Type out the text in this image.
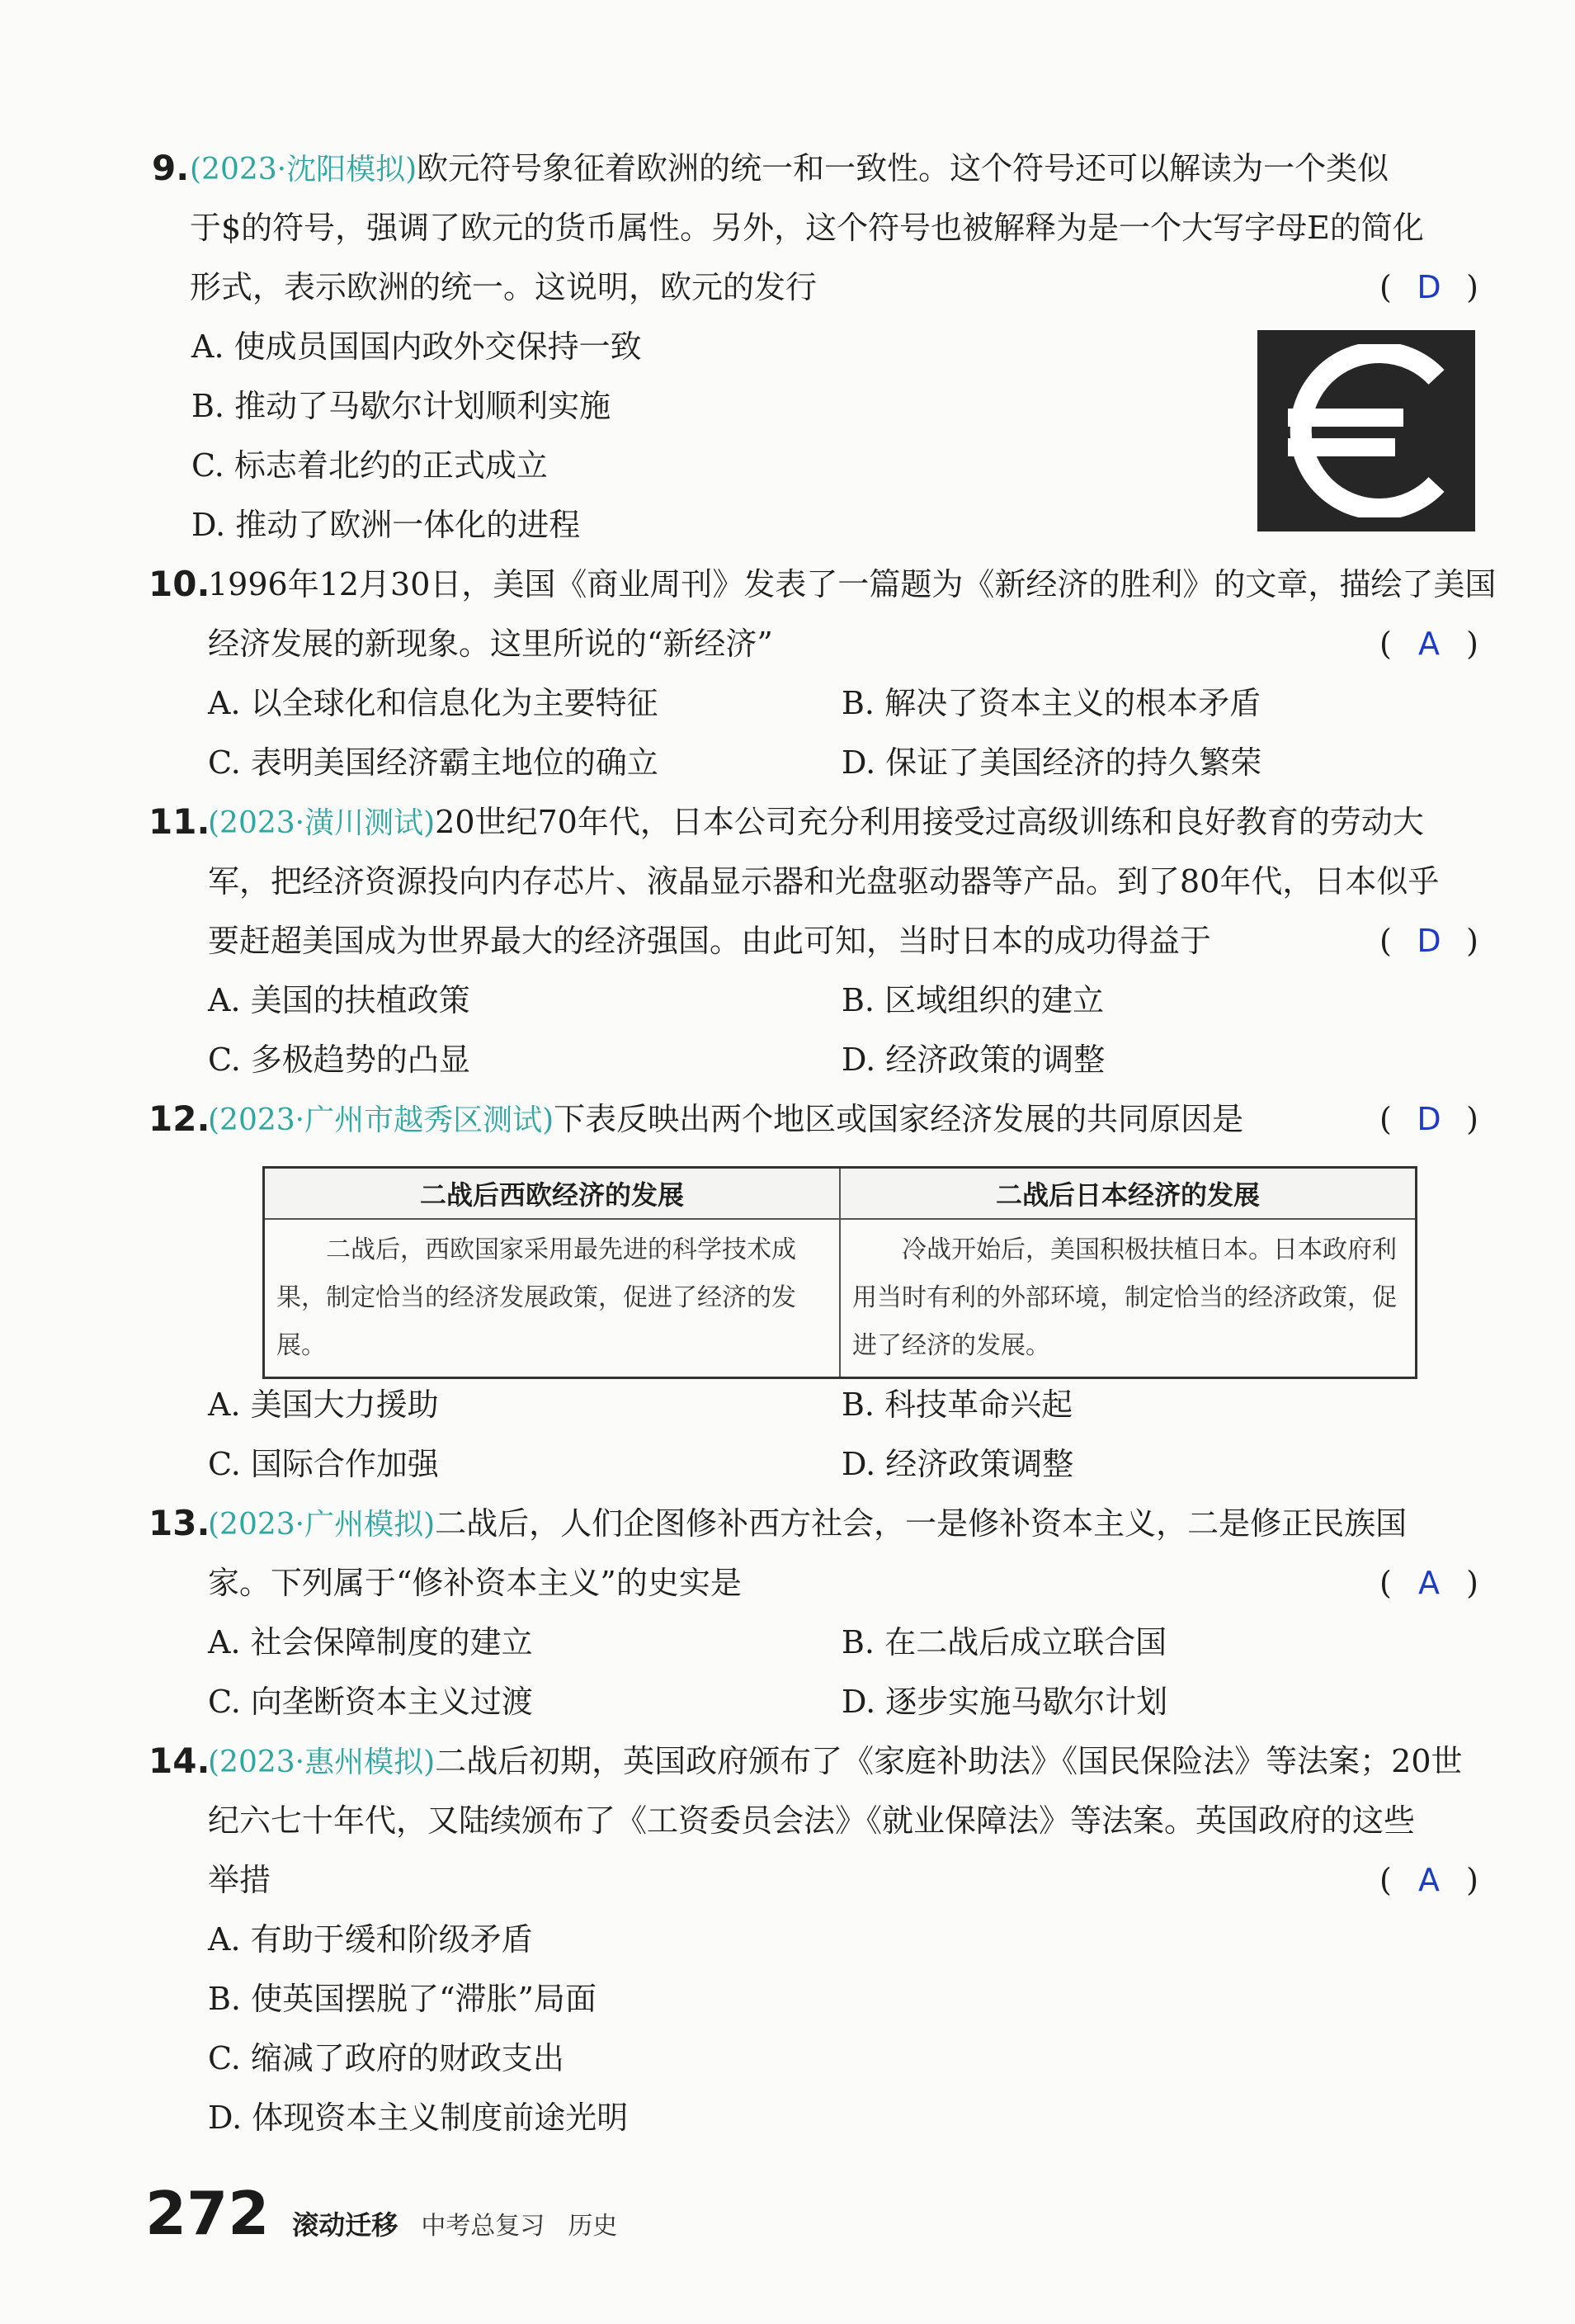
9. (2023·沈阳模拟)欧元符号象征着欧洲的统一和一致性。这个符号还可以解读为一个类似
于$的符号，强调了欧元的货币属性。另外，这个符号也被解释为是一个大写字母E的简化
形式，表示欧洲的统一。这说明，欧元的发行	( D )
A. 使成员国国内政外交保持一致
B. 推动了马歇尔计划顺利实施
C. 标志着北约的正式成立
D. 推动了欧洲一体化的进程
10.
1996年12月30日，美国《商业周刊》发表了一篇题为《新经济的胜利》的文章，描绘了美国
经济发展的新现象。这里所说的“新经济”	( A )
A. 以全球化和信息化为主要特征	B. 解决了资本主义的根本矛盾
C. 表明美国经济霸主地位的确立	D. 保证了美国经济的持久繁荣
11.
(2023·潢川测试)20世纪70年代，日本公司充分利用接受过高级训练和良好教育的劳动大
军，把经济资源投向内存芯片、液晶显示器和光盘驱动器等产品。到了80年代，日本似乎
要赶超美国成为世界最大的经济强国。由此可知，当时日本的成功得益于	( D )
A. 美国的扶植政策	B. 区域组织的建立
C. 多极趋势的凸显	D. 经济政策的调整
12.
(2023·广州市越秀区测试)下表反映出两个地区或国家经济发展的共同原因是	( D )
二战后西欧经济的发展	二战后日本经济的发展
二战后，西欧国家采用最先进的科学技术成果，制定恰当的经济发展政策，促进了经济的发展。	冷战开始后，美国积极扶植日本。日本政府利用当时有利的外部环境，制定恰当的经济政策，促进了经济的发展。
A. 美国大力援助	B. 科技革命兴起
C. 国际合作加强	D. 经济政策调整
13.
(2023·广州模拟)二战后，人们企图修补西方社会，一是修补资本主义，二是修正民族国
家。下列属于“修补资本主义”的史实是	( A )
A. 社会保障制度的建立	B. 在二战后成立联合国
C. 向垄断资本主义过渡	D. 逐步实施马歇尔计划
14.
(2023·惠州模拟)二战后初期，英国政府颁布了《家庭补助法》《国民保险法》等法案；20世
纪六七十年代，又陆续颁布了《工资委员会法》《就业保障法》等法案。英国政府的这些
举措	( A )
A. 有助于缓和阶级矛盾
B. 使英国摆脱了“滞胀”局面
C. 缩减了政府的财政支出
D. 体现资本主义制度前途光明
272 滚动迁移 中考总复习 历史
